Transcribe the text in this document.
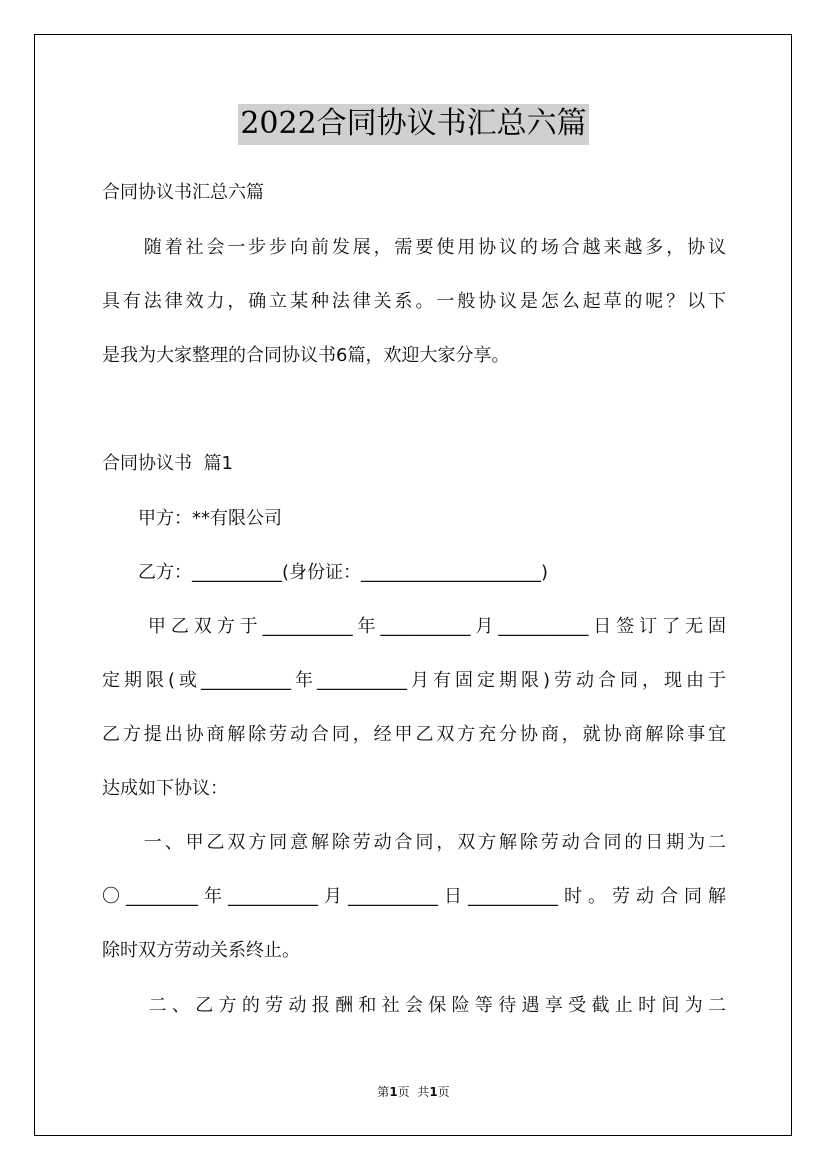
2022合同协议书汇总六篇
合同协议书汇总六篇
　　随着社会一步步向前发展，需要使用协议的场合越来越多，协议
具有法律效力，确立某种法律关系。一般协议是怎么起草的呢？以下
是我为大家整理的合同协议书6篇，欢迎大家分享。
合同协议书  篇1
　　甲方：**有限公司
　　乙方：__________(身份证：____________________)
　　甲乙双方于__________年__________月__________日签订了无固
定期限(或__________年__________月有固定期限)劳动合同，现由于
乙方提出协商解除劳动合同，经甲乙双方充分协商，就协商解除事宜
达成如下协议：
　　一、甲乙双方同意解除劳动合同，双方解除劳动合同的日期为二
〇________年__________月__________日__________时。劳动合同解
除时双方劳动关系终止。
　　二、乙方的劳动报酬和社会保险等待遇享受截止时间为二
第1页  共1页
